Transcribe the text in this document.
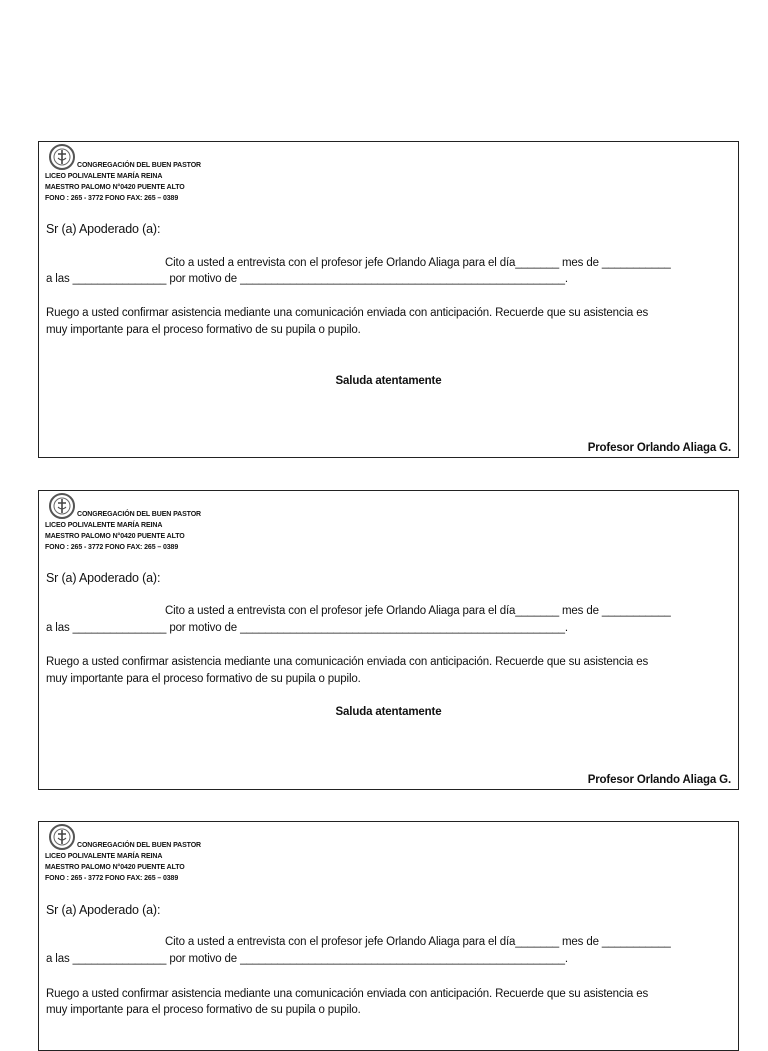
CONGREGACIÓN DEL BUEN PASTOR
LICEO POLIVALENTE MARÍA REINA
MAESTRO PALOMO N°0420 PUENTE ALTO
FONO : 265 - 3772 FONO FAX: 265 – 0389
Sr (a) Apoderado (a):
Cito a usted a entrevista con el profesor jefe Orlando Aliaga para el día_______ mes de ___________
a las _______________ por motivo de ____________________________________________________.
Ruego a usted confirmar asistencia mediante una comunicación enviada con anticipación. Recuerde que su asistencia es
muy importante para el proceso formativo de su pupila o pupilo.
Saluda atentamente
Profesor Orlando Aliaga G.
CONGREGACIÓN DEL BUEN PASTOR
LICEO POLIVALENTE MARÍA REINA
MAESTRO PALOMO N°0420 PUENTE ALTO
FONO : 265 - 3772 FONO FAX: 265 – 0389
Sr (a) Apoderado (a):
Cito a usted a entrevista con el profesor jefe Orlando Aliaga para el día_______ mes de ___________
a las _______________ por motivo de ____________________________________________________.
Ruego a usted confirmar asistencia mediante una comunicación enviada con anticipación. Recuerde que su asistencia es
muy importante para el proceso formativo de su pupila o pupilo.
Saluda atentamente
Profesor Orlando Aliaga G.
CONGREGACIÓN DEL BUEN PASTOR
LICEO POLIVALENTE MARÍA REINA
MAESTRO PALOMO N°0420 PUENTE ALTO
FONO : 265 - 3772 FONO FAX: 265 – 0389
Sr (a) Apoderado (a):
Cito a usted a entrevista con el profesor jefe Orlando Aliaga para el día_______ mes de ___________
a las _______________ por motivo de ____________________________________________________.
Ruego a usted confirmar asistencia mediante una comunicación enviada con anticipación. Recuerde que su asistencia es
muy importante para el proceso formativo de su pupila o pupilo.
